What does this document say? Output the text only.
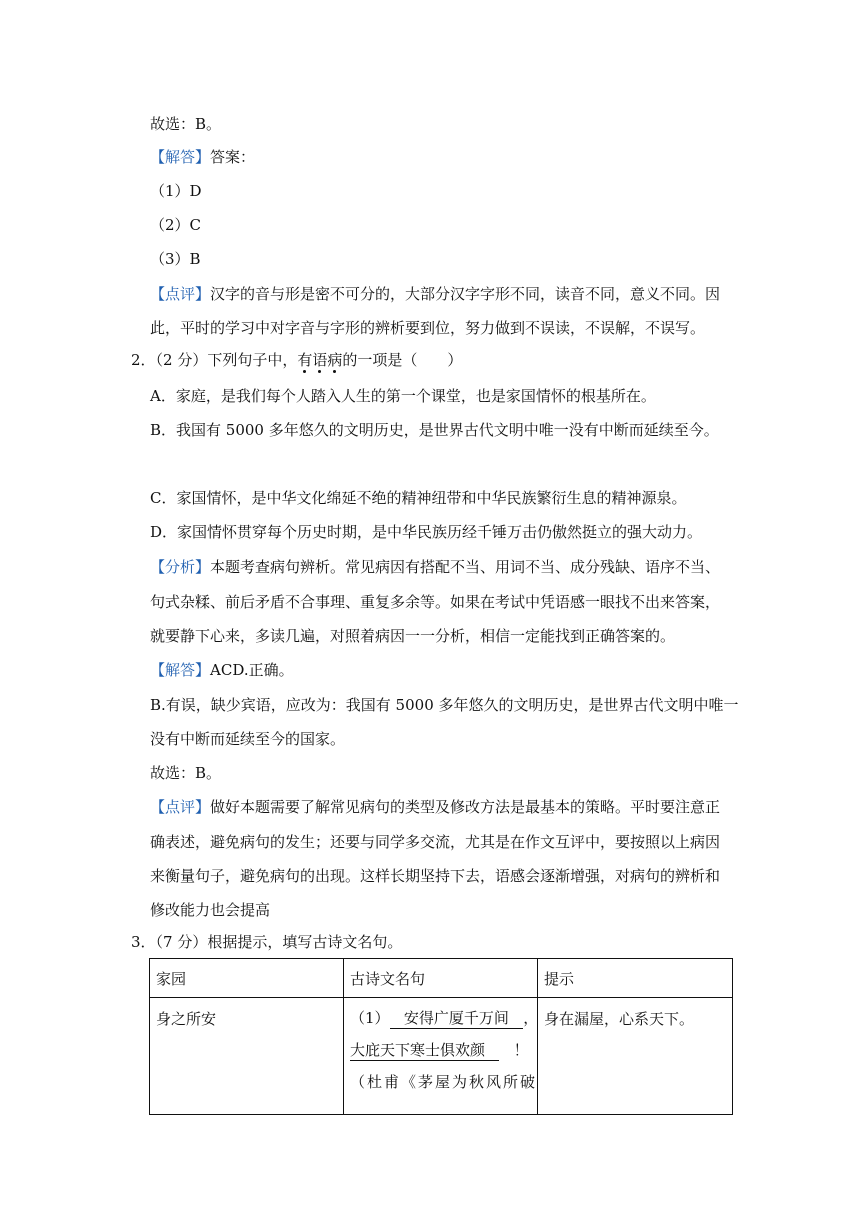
故选：B。
【解答】答案：
（1）D
（2）C
（3）B
【点评】汉字的音与形是密不可分的，大部分汉字字形不同，读音不同，意义不同。因
此，平时的学习中对字音与字形的辨析要到位，努力做到不误读，不误解，不误写。
2．（2 分）下列句子中，有语病的一项是（　　）
A．家庭，是我们每个人踏入人生的第一个课堂，也是家国情怀的根基所在。
B．我国有 5000 多年悠久的文明历史，是世界古代文明中唯一没有中断而延续至今。
C．家国情怀，是中华文化绵延不绝的精神纽带和中华民族繁衍生息的精神源泉。
D．家国情怀贯穿每个历史时期，是中华民族历经千锤万击仍傲然挺立的强大动力。
【分析】本题考查病句辨析。常见病因有搭配不当、用词不当、成分残缺、语序不当、
句式杂糅、前后矛盾不合事理、重复多余等。如果在考试中凭语感一眼找不出来答案，
就要静下心来，多读几遍，对照着病因一一分析，相信一定能找到正确答案的。
【解答】ACD.正确。
B.有误，缺少宾语，应改为：我国有 5000 多年悠久的文明历史，是世界古代文明中唯一
没有中断而延续至今的国家。
故选：B。
【点评】做好本题需要了解常见病句的类型及修改方法是最基本的策略。平时要注意正
确表述，避免病句的发生；还要与同学多交流，尤其是在作文互评中，要按照以上病因
来衡量句子，避免病句的出现。这样长期坚持下去，语感会逐渐增强，对病句的辨析和
修改能力也会提高
3．（7 分）根据提示，填写古诗文名句。
家园	古诗文名句	提示
身之所安	（1） 安得广厦千万间 ，
大庇天下寒士俱欢颜 ！
（杜甫《茅屋为秋风所破	身在漏屋，心系天下。
